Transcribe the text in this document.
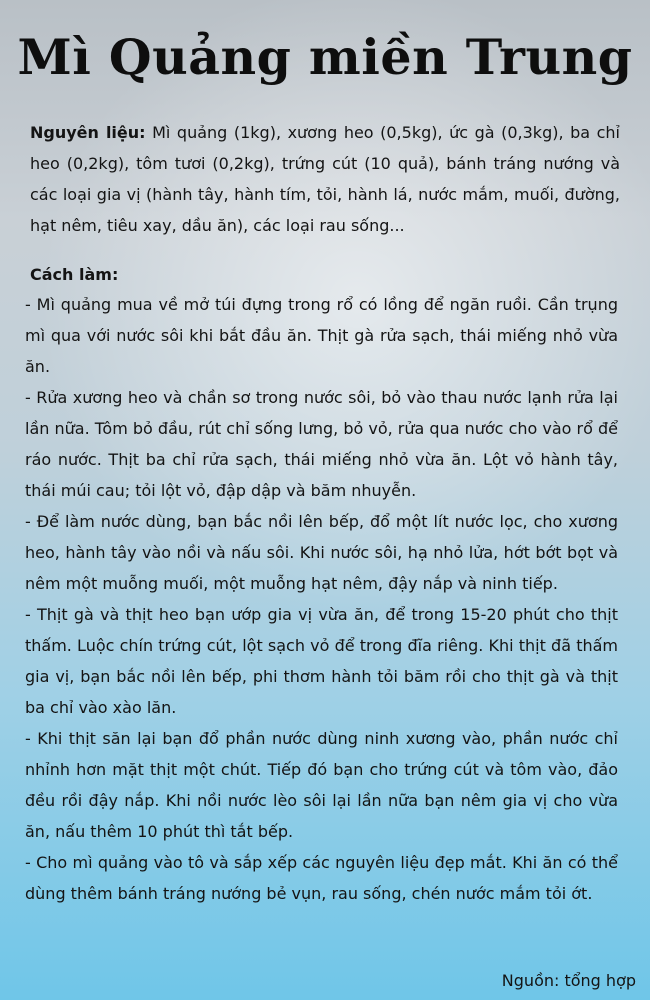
Mì Quảng miền Trung
Nguyên liệu: Mì quảng (1kg), xương heo (0,5kg), ức gà (0,3kg), ba chỉ heo (0,2kg), tôm tươi (0,2kg), trứng cút (10 quả), bánh tráng nướng và các loại gia vị (hành tây, hành tím, tỏi, hành lá, nước mắm, muối, đường, hạt nêm, tiêu xay, dầu ăn), các loại rau sống...
Cách làm:

- Mì quảng mua về mở túi đựng trong rổ có lồng để ngăn ruồi. Cần trụng mì qua với nước sôi khi bắt đầu ăn. Thịt gà rửa sạch, thái miếng nhỏ vừa ăn.

- Rửa xương heo và chần sơ trong nước sôi, bỏ vào thau nước lạnh rửa lại lần nữa. Tôm bỏ đầu, rút chỉ sống lưng, bỏ vỏ, rửa qua nước cho vào rổ để ráo nước. Thịt ba chỉ rửa sạch, thái miếng nhỏ vừa ăn. Lột vỏ hành tây, thái múi cau; tỏi lột vỏ, đập dập và băm nhuyễn.

- Để làm nước dùng, bạn bắc nồi lên bếp, đổ một lít nước lọc, cho xương heo, hành tây vào nồi và nấu sôi. Khi nước sôi, hạ nhỏ lửa, hớt bớt bọt và nêm một muỗng muối, một muỗng hạt nêm, đậy nắp và ninh tiếp.

- Thịt gà và thịt heo bạn ướp gia vị vừa ăn, để trong 15-20 phút cho thịt thấm. Luộc chín trứng cút, lột sạch vỏ để trong đĩa riêng. Khi thịt đã thấm gia vị, bạn bắc nồi lên bếp, phi thơm hành tỏi băm rồi cho thịt gà và thịt ba chỉ vào xào lăn.

- Khi thịt săn lại bạn đổ phần nước dùng ninh xương vào, phần nước chỉ nhỉnh hơn mặt thịt một chút. Tiếp đó bạn cho trứng cút và tôm vào, đảo đều rồi đậy nắp. Khi nồi nước lèo sôi lại lần nữa bạn nêm gia vị cho vừa ăn, nấu thêm 10 phút thì tắt bếp.

- Cho mì quảng vào tô và sắp xếp các nguyên liệu đẹp mắt. Khi ăn có thể dùng thêm bánh tráng nướng bẻ vụn, rau sống, chén nước mắm tỏi ớt.

Nguồn: tổng hợp
